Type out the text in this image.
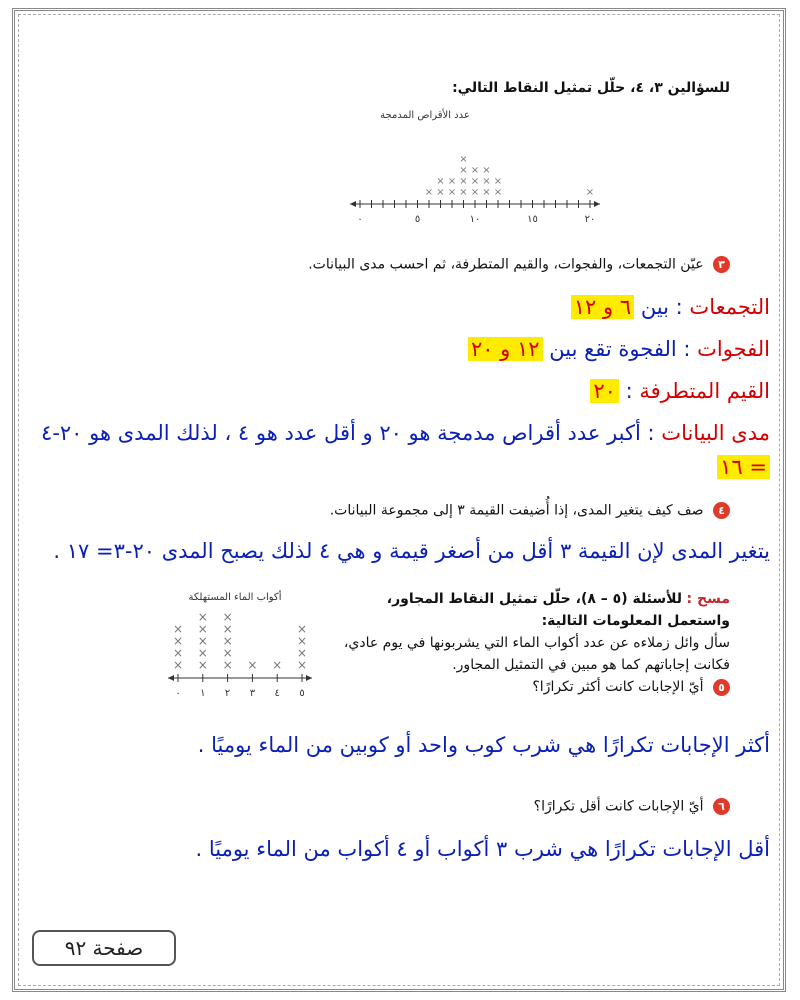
للسؤالين ٣، ٤، حلّل تمثيل النقاط التالي:
عدد الأقراص المدمجة
٠	٥	١٠	١٥	٢٠
× ×
×
×
×
×
×
×
×
×
×
×
×
×
×
×
×
×
٣ عيّن التجمعات، والفجوات، والقيم المتطرفة، ثم احسب مدى البيانات.
التجمعات : بين ٦ و ١٢
الفجوات : الفجوة تقع بين ١٢ و ٢٠
القيم المتطرفة : ٢٠
مدى البيانات : أكبر عدد أقراص مدمجة هو ٢٠ و أقل عدد هو ٤ ، لذلك المدى هو ٢٠-٤ = ١٦
٤ صف كيف يتغير المدى، إذا أُضيفت القيمة ٣ إلى مجموعة البيانات.
يتغير المدى لإن القيمة ٣ أقل من أصغر قيمة و هي ٤ لذلك يصبح المدى ٢٠-٣= ١٧ .
مسح : للأسئلة (٥ – ٨)، حلّل تمثيل النقاط المجاور،
واستعمل المعلومات التالية:
سأل وائل زملاءه عن عدد أكواب الماء التي يشربونها في يوم عادي،
فكانت إجاباتهم كما هو مبين في التمثيل المجاور.
٥ أيّ الإجابات كانت أكثر تكرارًا؟
أكواب الماء المستهلكة
٠ ١ ٢ ٣ ٤ ٥
×
×
×
×
×
×
×
×
×
×
×
×
×
×
× × ×
×
×
×
أكثر الإجابات تكرارًا هي شرب كوب واحد أو كوبين من الماء يوميًا .
٦ أيّ الإجابات كانت أقل تكرارًا؟
أقل الإجابات تكرارًا هي شرب ٣ أكواب أو ٤ أكواب من الماء يوميًا .
صفحة ٩٢
